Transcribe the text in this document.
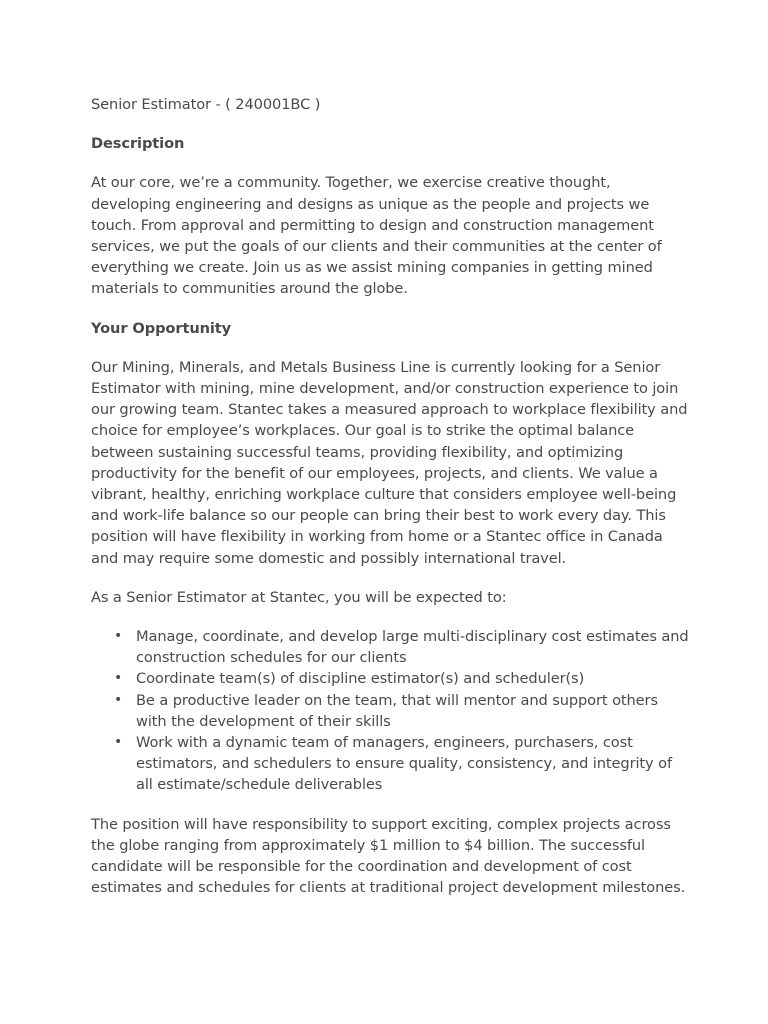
Senior Estimator - ( 240001BC )

Description

At our core, we’re a community. Together, we exercise creative thought, developing engineering and designs as unique as the people and projects we touch. From approval and permitting to design and construction management services, we put the goals of our clients and their communities at the center of everything we create. Join us as we assist mining companies in getting mined materials to communities around the globe.

Your Opportunity

Our Mining, Minerals, and Metals Business Line is currently looking for a Senior Estimator with mining, mine development, and/or construction experience to join our growing team. Stantec takes a measured approach to workplace flexibility and choice for employee’s workplaces. Our goal is to strike the optimal balance between sustaining successful teams, providing flexibility, and optimizing productivity for the benefit of our employees, projects, and clients. We value a vibrant, healthy, enriching workplace culture that considers employee well-being and work-life balance so our people can bring their best to work every day. This position will have flexibility in working from home or a Stantec office in Canada and may require some domestic and possibly international travel.

As a Senior Estimator at Stantec, you will be expected to:

• Manage, coordinate, and develop large multi-disciplinary cost estimates and construction schedules for our clients
• Coordinate team(s) of discipline estimator(s) and scheduler(s)
• Be a productive leader on the team, that will mentor and support others with the development of their skills
• Work with a dynamic team of managers, engineers, purchasers, cost estimators, and schedulers to ensure quality, consistency, and integrity of all estimate/schedule deliverables

The position will have responsibility to support exciting, complex projects across the globe ranging from approximately $1 million to $4 billion. The successful candidate will be responsible for the coordination and development of cost estimates and schedules for clients at traditional project development milestones.
